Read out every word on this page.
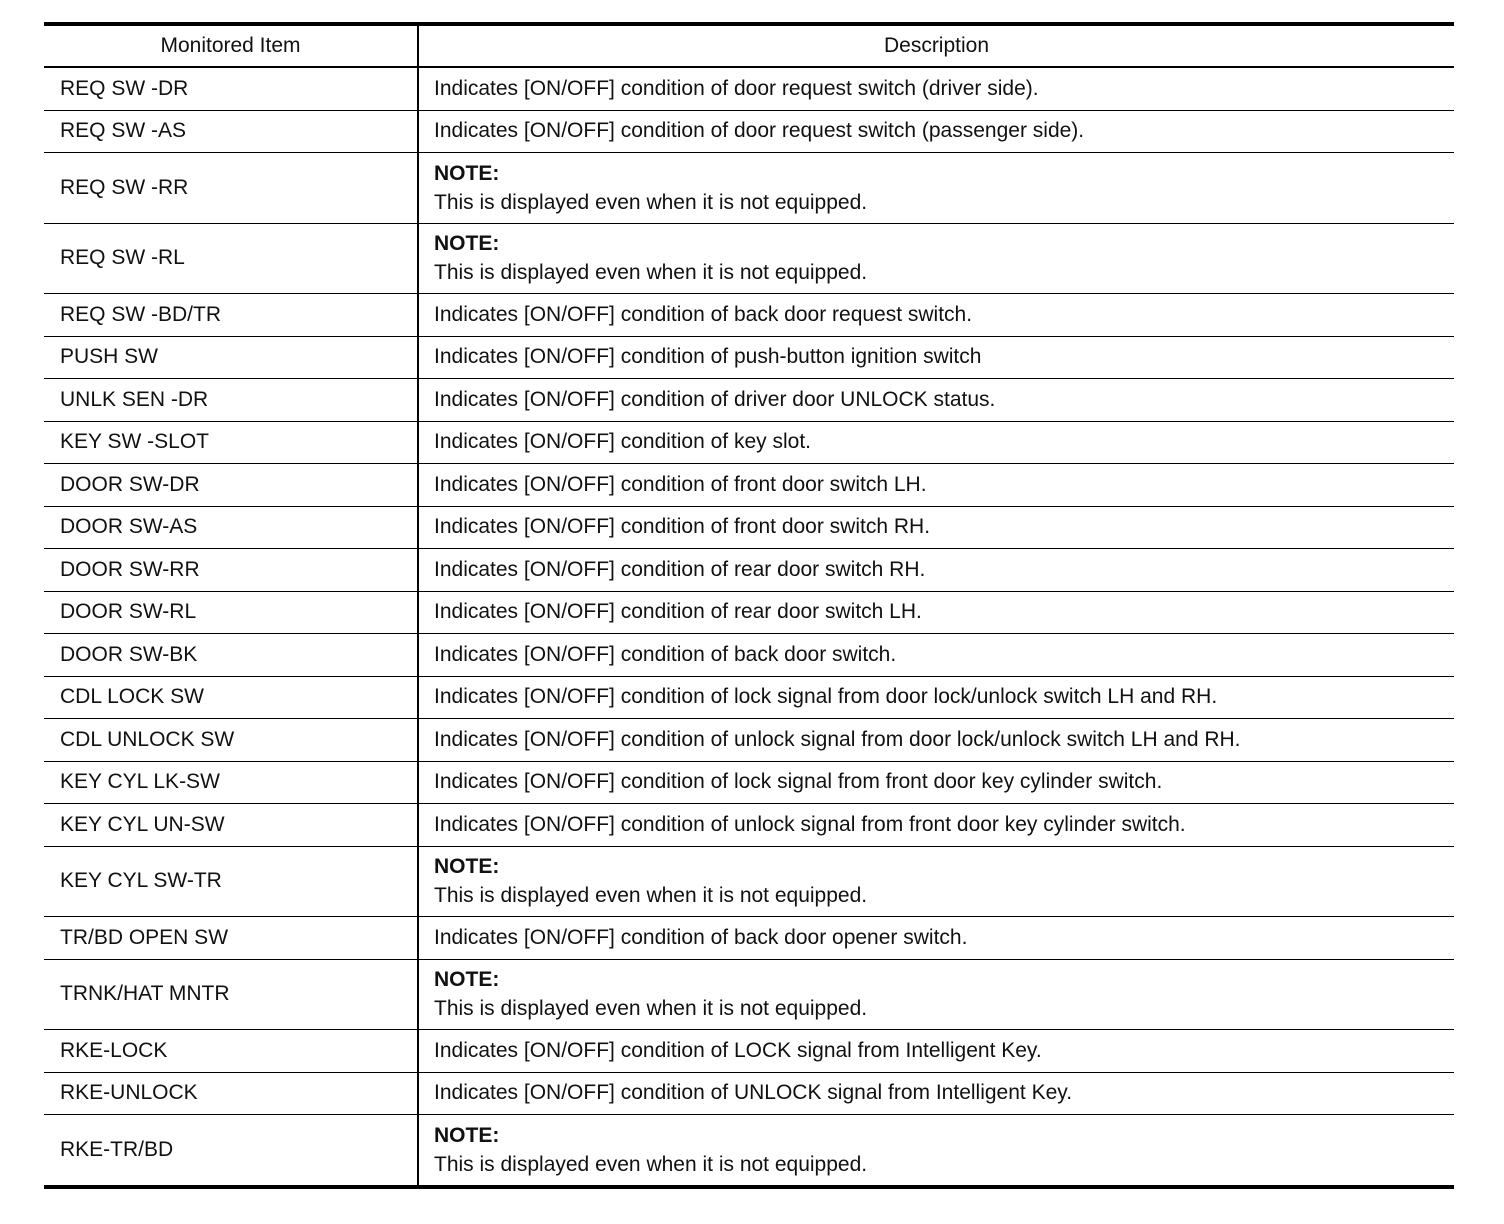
Monitored Item	Description
REQ SW -DR	Indicates [ON/OFF] condition of door request switch (driver side).
REQ SW -AS	Indicates [ON/OFF] condition of door request switch (passenger side).
REQ SW -RR	NOTE:
This is displayed even when it is not equipped.

REQ SW -RL	NOTE:
This is displayed even when it is not equipped.

REQ SW -BD/TR	Indicates [ON/OFF] condition of back door request switch.
PUSH SW	Indicates [ON/OFF] condition of push-button ignition switch
UNLK SEN -DR	Indicates [ON/OFF] condition of driver door UNLOCK status.
KEY SW -SLOT	Indicates [ON/OFF] condition of key slot.
DOOR SW-DR	Indicates [ON/OFF] condition of front door switch LH.
DOOR SW-AS	Indicates [ON/OFF] condition of front door switch RH.
DOOR SW-RR	Indicates [ON/OFF] condition of rear door switch RH.
DOOR SW-RL	Indicates [ON/OFF] condition of rear door switch LH.
DOOR SW-BK	Indicates [ON/OFF] condition of back door switch.
CDL LOCK SW	Indicates [ON/OFF] condition of lock signal from door lock/unlock switch LH and RH.
CDL UNLOCK SW	Indicates [ON/OFF] condition of unlock signal from door lock/unlock switch LH and RH.
KEY CYL LK-SW	Indicates [ON/OFF] condition of lock signal from front door key cylinder switch.
KEY CYL UN-SW	Indicates [ON/OFF] condition of unlock signal from front door key cylinder switch.
KEY CYL SW-TR	NOTE:
This is displayed even when it is not equipped.

TR/BD OPEN SW	Indicates [ON/OFF] condition of back door opener switch.
TRNK/HAT MNTR	NOTE:
This is displayed even when it is not equipped.

RKE-LOCK	Indicates [ON/OFF] condition of LOCK signal from Intelligent Key.
RKE-UNLOCK	Indicates [ON/OFF] condition of UNLOCK signal from Intelligent Key.
RKE-TR/BD	NOTE:
This is displayed even when it is not equipped.
